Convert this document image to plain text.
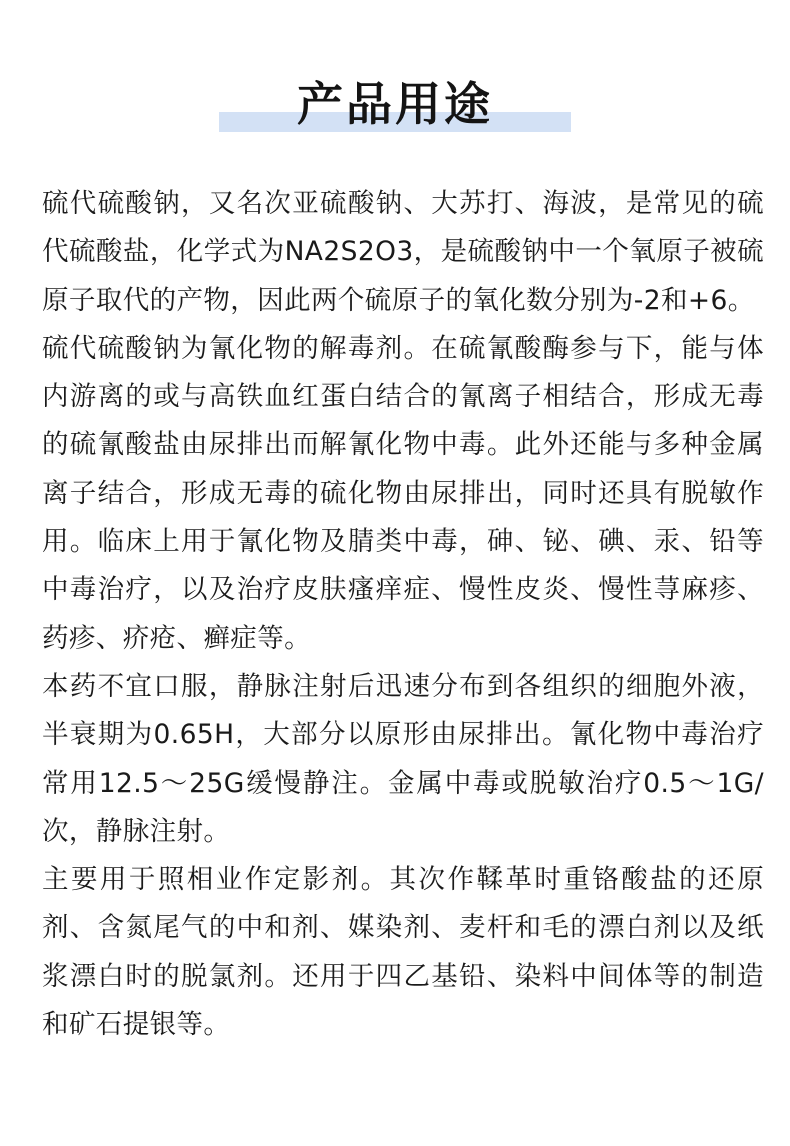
产品用途

硫代硫酸钠，又名次亚硫酸钠、大苏打、海波，是常见的硫代硫酸盐，化学式为NA2S2O3，是硫酸钠中一个氧原子被硫原子取代的产物，因此两个硫原子的氧化数分别为-2和+6。

硫代硫酸钠为氰化物的解毒剂。在硫氰酸酶参与下，能与体内游离的或与高铁血红蛋白结合的氰离子相结合，形成无毒的硫氰酸盐由尿排出而解氰化物中毒。此外还能与多种金属离子结合，形成无毒的硫化物由尿排出，同时还具有脱敏作用。临床上用于氰化物及腈类中毒，砷、铋、碘、汞、铅等中毒治疗，以及治疗皮肤瘙痒症、慢性皮炎、慢性荨麻疹、药疹、疥疮、癣症等。

本药不宜口服，静脉注射后迅速分布到各组织的细胞外液，半衰期为0.65H，大部分以原形由尿排出。氰化物中毒治疗常用12.5～25G缓慢静注。金属中毒或脱敏治疗0.5～1G/次，静脉注射。

主要用于照相业作定影剂。其次作鞣革时重铬酸盐的还原剂、含氮尾气的中和剂、媒染剂、麦杆和毛的漂白剂以及纸浆漂白时的脱氯剂。还用于四乙基铅、染料中间体等的制造和矿石提银等。
